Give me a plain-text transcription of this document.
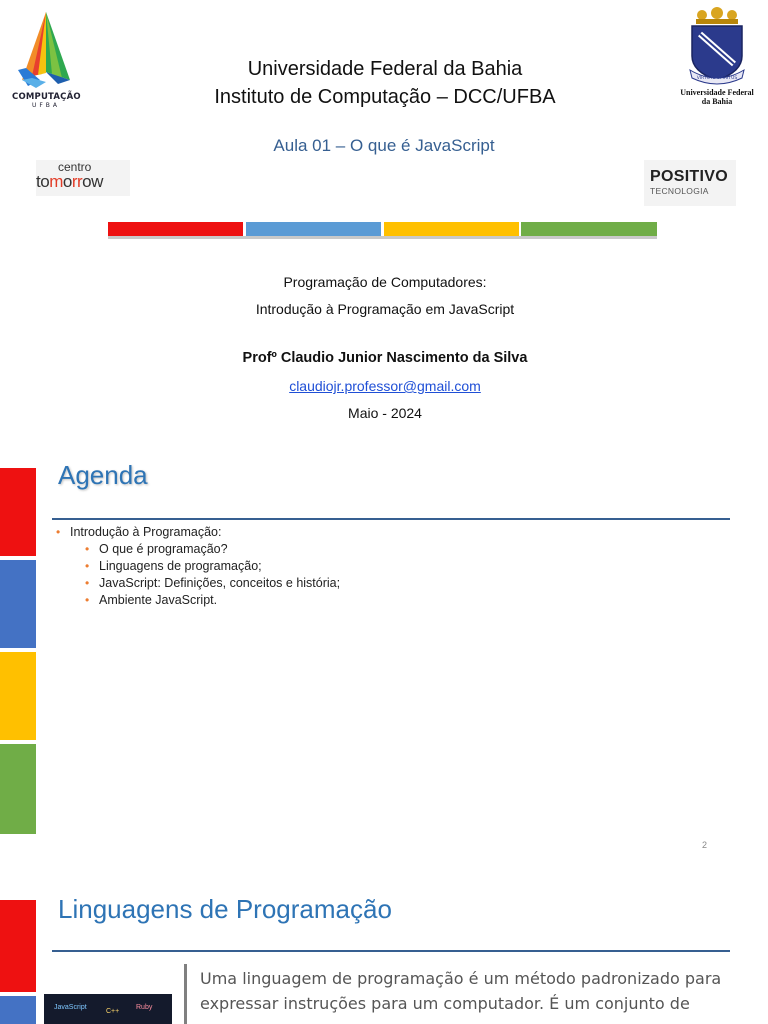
COMPUTAÇÃO
UFBA
Universidade Federal da Bahia
Instituto de Computação – DCC/UFBA
VIRTUTE SPIRITUS
Universidade Federal
da Bahia
Aula 01 – O que é JavaScript
centro
tomorrow	POSITIVO
TECNOLOGIA
Programação de Computadores:
Introdução à Programação em JavaScript
Profº Claudio Junior Nascimento da Silva
claudiojr.professor@gmail.com
Maio - 2024
Agenda
• Introdução à Programação:
• O que é programação?
• Linguagens de programação;
• JavaScript: Definições, conceitos e história;
• Ambiente JavaScript.
2
Linguagens de Programação
JavaScript
C++
Ruby
Uma linguagem de programação é um método padronizado para
expressar instruções para um computador. É um conjunto de
